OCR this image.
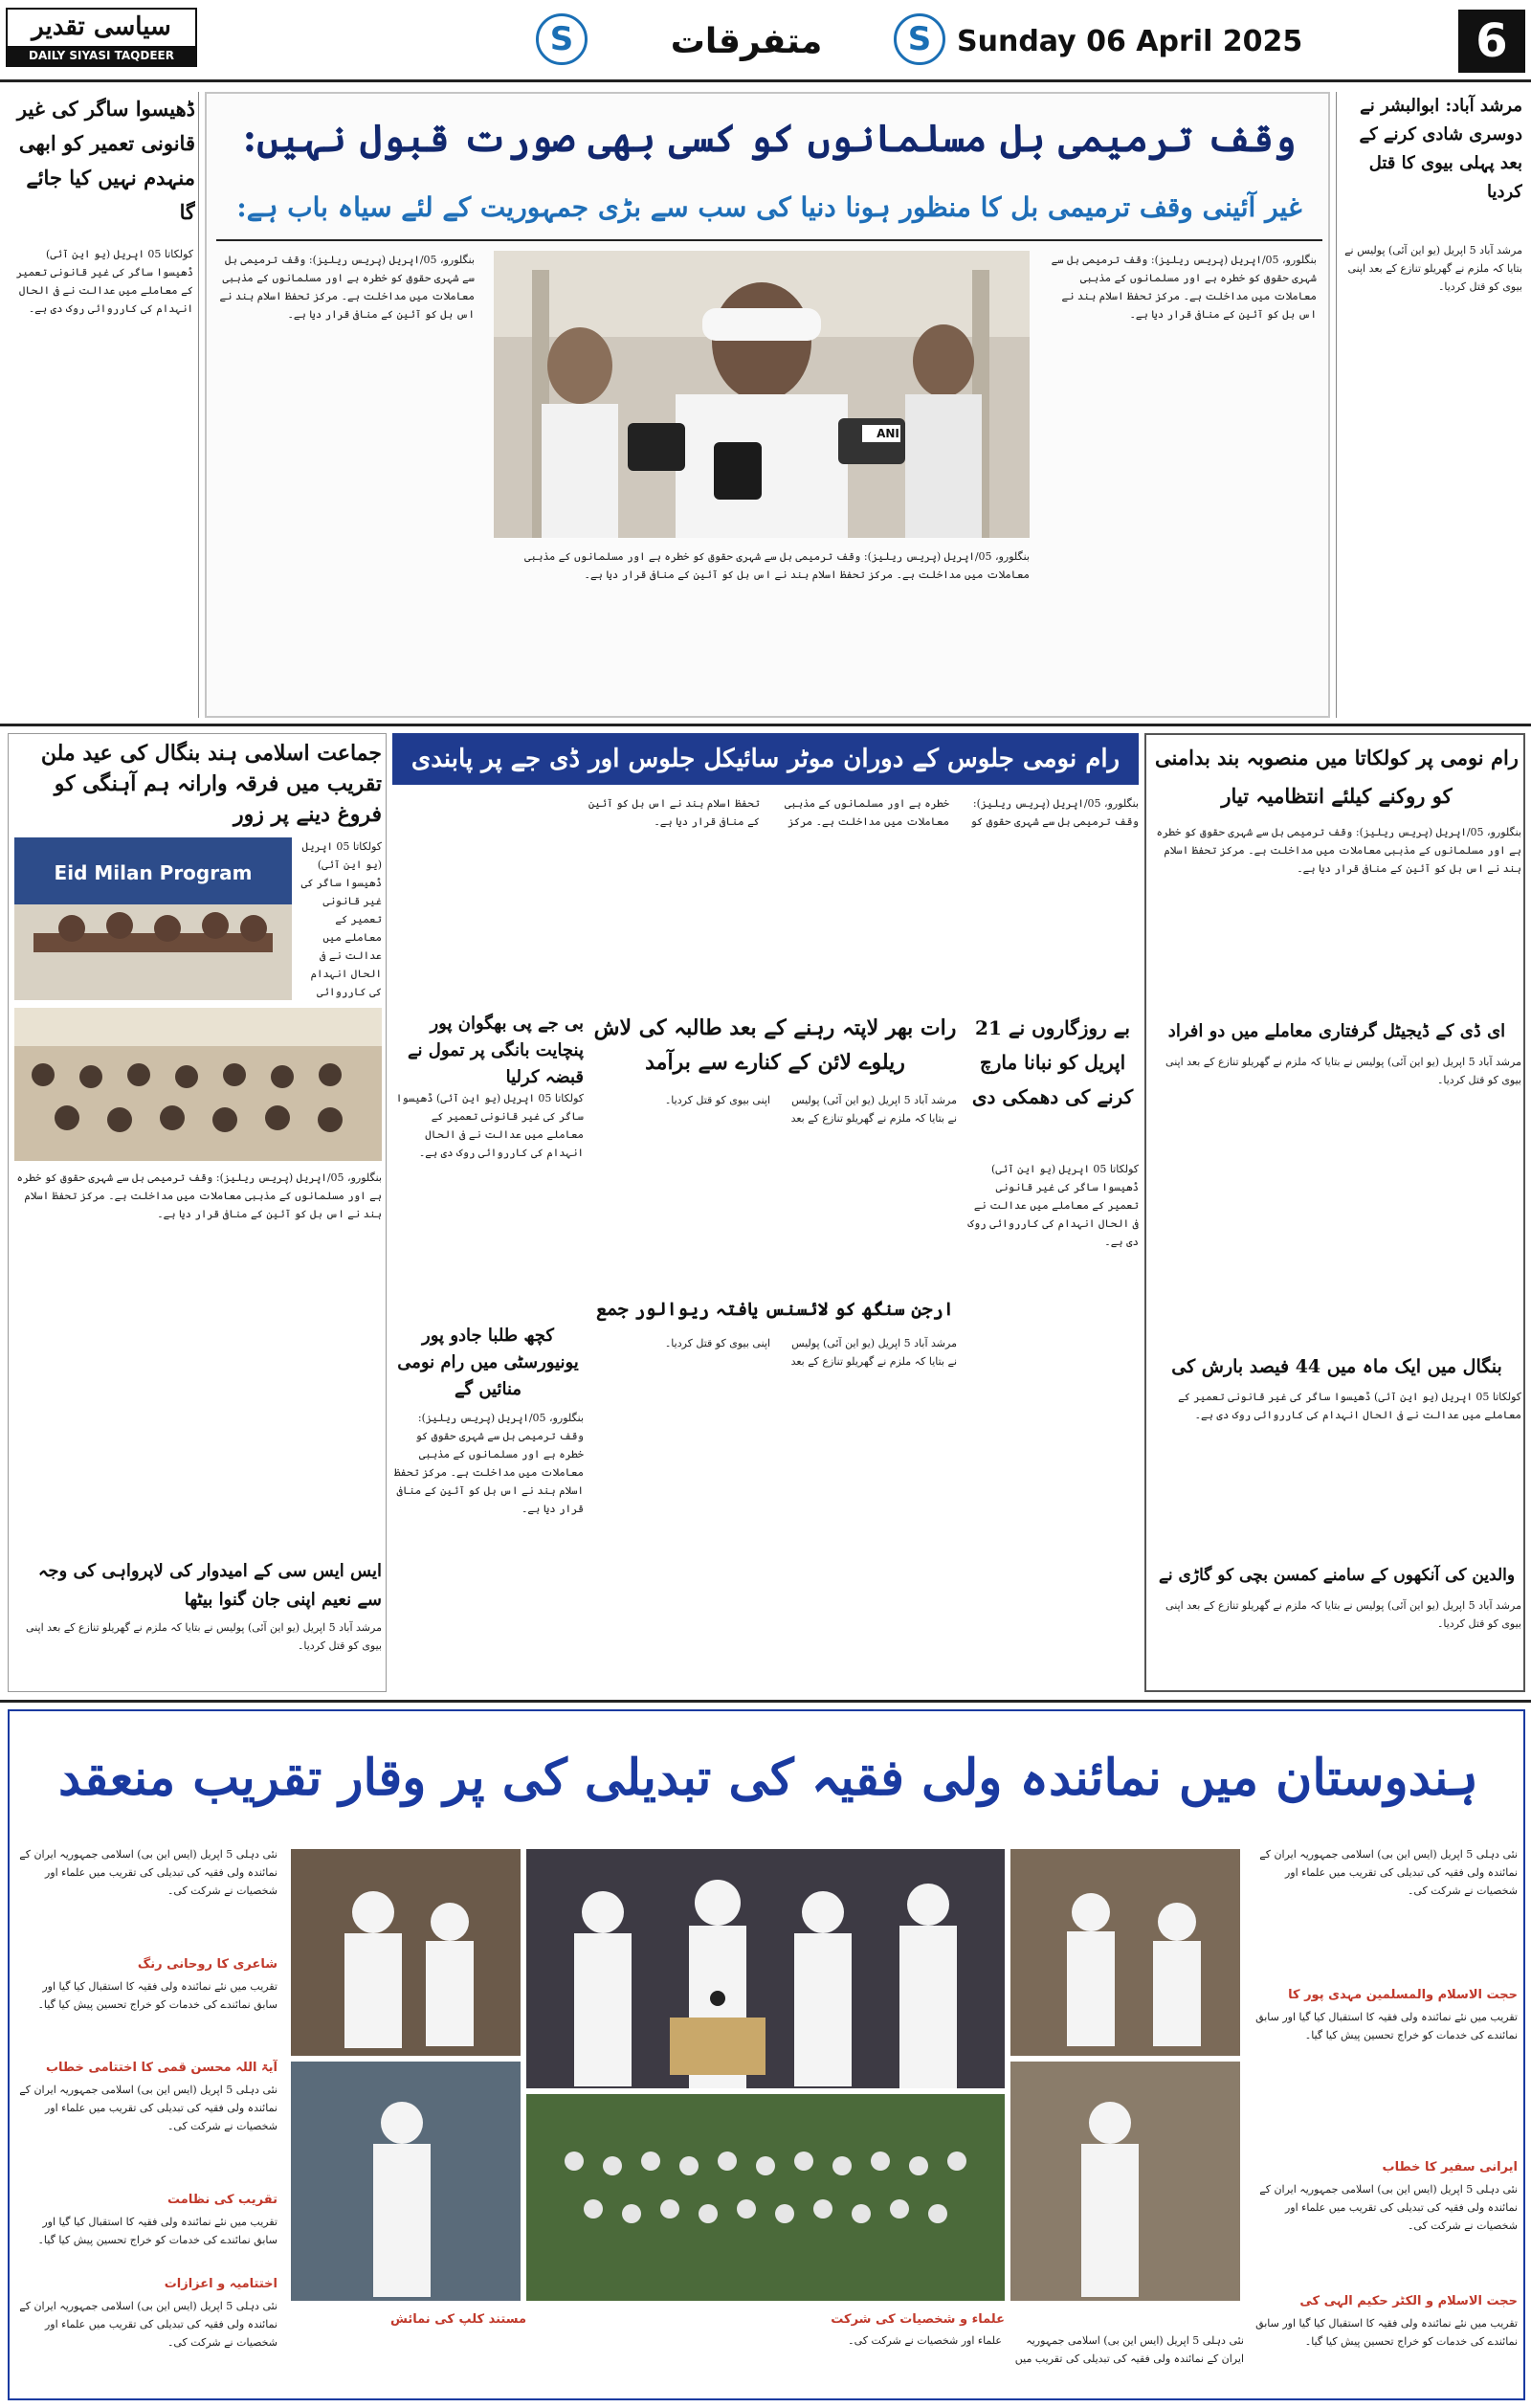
سیاسی تقدیر
DAILY SIYASI TAQDEER LUCKNOW
S	متفرقات	S Sunday 06 April 2025	6
ڈھیسوا ساگر کی غیر قانونی تعمیر کو ابھی منہدم نہیں کیا جائے گا
کولکاتا 05 اپریل (یو این آئی) ڈھیسوا ساگر کی غیر قانونی تعمیر کے معاملے میں عدالت نے فی الحال انہدام کی کارروائی روک دی ہے۔
وقف ترمیمی بل مسلمانوں کو کسی بھی صورت قبول نہیں:
غیر آئینی وقف ترمیمی بل کا منظور ہونا دنیا کی سب سے بڑی جمہوریت کے لئے سیاہ باب ہے:
بنگلورو، 05/اپریل (پریس ریلیز): وقف ترمیمی بل سے شہری حقوق کو خطرہ ہے اور مسلمانوں کے مذہبی معاملات میں مداخلت ہے۔ مرکز تحفظ اسلام ہند نے اس بل کو آئین کے منافی قرار دیا ہے۔
بنگلورو، 05/اپریل (پریس ریلیز): وقف ترمیمی بل سے شہری حقوق کو خطرہ ہے اور مسلمانوں کے مذہبی معاملات میں مداخلت ہے۔ مرکز تحفظ اسلام ہند نے اس بل کو آئین کے منافی قرار دیا ہے۔
ANI
بنگلورو، 05/اپریل (پریس ریلیز): وقف ترمیمی بل سے شہری حقوق کو خطرہ ہے اور مسلمانوں کے مذہبی معاملات میں مداخلت ہے۔ مرکز تحفظ اسلام ہند نے اس بل کو آئین کے منافی قرار دیا ہے۔
مرشد آباد: ابوالبشر نے دوسری شادی کرنے کے بعد پہلی بیوی کا قتل کردیا
مرشد آباد 5 اپریل (یو این آئی) پولیس نے بتایا کہ ملزم نے گھریلو تنازع کے بعد اپنی بیوی کو قتل کردیا۔
جماعت اسلامی ہند بنگال کی عید ملن تقریب میں فرقہ وارانہ ہم آہنگی کو فروغ دینے پر زور
Eid Milan Program
کولکاتا 05 اپریل (یو این آئی) ڈھیسوا ساگر کی غیر قانونی تعمیر کے معاملے میں عدالت نے فی الحال انہدام کی کارروائی
بنگلورو، 05/اپریل (پریس ریلیز): وقف ترمیمی بل سے شہری حقوق کو خطرہ ہے اور مسلمانوں کے مذہبی معاملات میں مداخلت ہے۔ مرکز تحفظ اسلام ہند نے اس بل کو آئین کے منافی قرار دیا ہے۔
ایس ایس سی کے امیدوار کی لاپرواہی کی وجہ سے نعیم اپنی جان گنوا بیٹھا
مرشد آباد 5 اپریل (یو این آئی) پولیس نے بتایا کہ ملزم نے گھریلو تنازع کے بعد اپنی بیوی کو قتل کردیا۔
رام نومی جلوس کے دوران موٹر سائیکل جلوس اور ڈی جے پر پابندی
بنگلورو، 05/اپریل (پریس ریلیز): وقف ترمیمی بل سے شہری حقوق کو خطرہ ہے اور مسلمانوں کے مذہبی معاملات میں مداخلت ہے۔ مرکز تحفظ اسلام ہند نے اس بل کو آئین کے منافی قرار دیا ہے۔
بی جے پی بھگوان پور پنچایت بانگی پر تمول نے قبضہ کرلیا
کولکاتا 05 اپریل (یو این آئی) ڈھیسوا ساگر کی غیر قانونی تعمیر کے معاملے میں عدالت نے فی الحال انہدام کی کارروائی روک دی ہے۔
رات بھر لاپتہ رہنے کے بعد طالبہ کی لاش ریلوے لائن کے کنارے سے برآمد
مرشد آباد 5 اپریل (یو این آئی) پولیس نے بتایا کہ ملزم نے گھریلو تنازع کے بعد اپنی بیوی کو قتل کردیا۔
بے روزگاروں نے 21 اپریل کو نبانا مارچ کرنے کی دھمکی دی
کولکاتا 05 اپریل (یو این آئی) ڈھیسوا ساگر کی غیر قانونی تعمیر کے معاملے میں عدالت نے فی الحال انہدام کی کارروائی روک دی ہے۔
کچھ طلبا جادو پور یونیورسٹی میں رام نومی منائیں گے
بنگلورو، 05/اپریل (پریس ریلیز): وقف ترمیمی بل سے شہری حقوق کو خطرہ ہے اور مسلمانوں کے مذہبی معاملات میں مداخلت ہے۔ مرکز تحفظ اسلام ہند نے اس بل کو آئین کے منافی قرار دیا ہے۔
ارجن سنگھ کو لائسنس یافتہ ریوالور جمع
مرشد آباد 5 اپریل (یو این آئی) پولیس نے بتایا کہ ملزم نے گھریلو تنازع کے بعد اپنی بیوی کو قتل کردیا۔
رام نومی پر کولکاتا میں منصوبہ بند بدامنی کو روکنے کیلئے انتظامیہ تیار
بنگلورو، 05/اپریل (پریس ریلیز): وقف ترمیمی بل سے شہری حقوق کو خطرہ ہے اور مسلمانوں کے مذہبی معاملات میں مداخلت ہے۔ مرکز تحفظ اسلام ہند نے اس بل کو آئین کے منافی قرار دیا ہے۔
ای ڈی کے ڈیجیٹل گرفتاری معاملے میں دو افراد
مرشد آباد 5 اپریل (یو این آئی) پولیس نے بتایا کہ ملزم نے گھریلو تنازع کے بعد اپنی بیوی کو قتل کردیا۔
بنگال میں ایک ماہ میں 44 فیصد بارش کی
کولکاتا 05 اپریل (یو این آئی) ڈھیسوا ساگر کی غیر قانونی تعمیر کے معاملے میں عدالت نے فی الحال انہدام کی کارروائی روک دی ہے۔
والدین کی آنکھوں کے سامنے کمسن بچی کو گاڑی نے
مرشد آباد 5 اپریل (یو این آئی) پولیس نے بتایا کہ ملزم نے گھریلو تنازع کے بعد اپنی بیوی کو قتل کردیا۔
ہندوستان میں نمائندہ ولی فقیہ کی تبدیلی کی پر وقار تقریب منعقد
نئی دہلی 5 اپریل (ایس این بی) اسلامی جمہوریہ ایران کے نمائندہ ولی فقیہ کی تبدیلی کی تقریب میں علماء اور شخصیات نے شرکت کی۔
شاعری کا روحانی رنگ
تقریب میں نئے نمائندہ ولی فقیہ کا استقبال کیا گیا اور سابق نمائندے کی خدمات کو خراج تحسین پیش کیا گیا۔
آیۃ اللہ محسن قمی کا اختتامی خطاب
نئی دہلی 5 اپریل (ایس این بی) اسلامی جمہوریہ ایران کے نمائندہ ولی فقیہ کی تبدیلی کی تقریب میں علماء اور شخصیات نے شرکت کی۔
تقریب کی نظامت
تقریب میں نئے نمائندہ ولی فقیہ کا استقبال کیا گیا اور سابق نمائندے کی خدمات کو خراج تحسین پیش کیا گیا۔
اختتامیہ و اعزازات
نئی دہلی 5 اپریل (ایس این بی) اسلامی جمہوریہ ایران کے نمائندہ ولی فقیہ کی تبدیلی کی تقریب میں علماء اور شخصیات نے شرکت کی۔
نئی دہلی 5 اپریل (ایس این بی) اسلامی جمہوریہ ایران کے نمائندہ ولی فقیہ کی تبدیلی کی تقریب میں علماء اور شخصیات نے شرکت کی۔
حجت الاسلام والمسلمین مہدی پور کا
تقریب میں نئے نمائندہ ولی فقیہ کا استقبال کیا گیا اور سابق نمائندے کی خدمات کو خراج تحسین پیش کیا گیا۔
ایرانی سفیر کا خطاب
نئی دہلی 5 اپریل (ایس این بی) اسلامی جمہوریہ ایران کے نمائندہ ولی فقیہ کی تبدیلی کی تقریب میں علماء اور شخصیات نے شرکت کی۔
حجت الاسلام و الکٹر حکیم الہی کی
تقریب میں نئے نمائندہ ولی فقیہ کا استقبال کیا گیا اور سابق نمائندے کی خدمات کو خراج تحسین پیش کیا گیا۔
علماء و شخصیات کی شرکت
مستند کلپ کی نمائش
نئی دہلی 5 اپریل (ایس این بی) اسلامی جمہوریہ ایران کے نمائندہ ولی فقیہ کی تبدیلی کی تقریب میں علماء اور شخصیات نے شرکت کی۔
